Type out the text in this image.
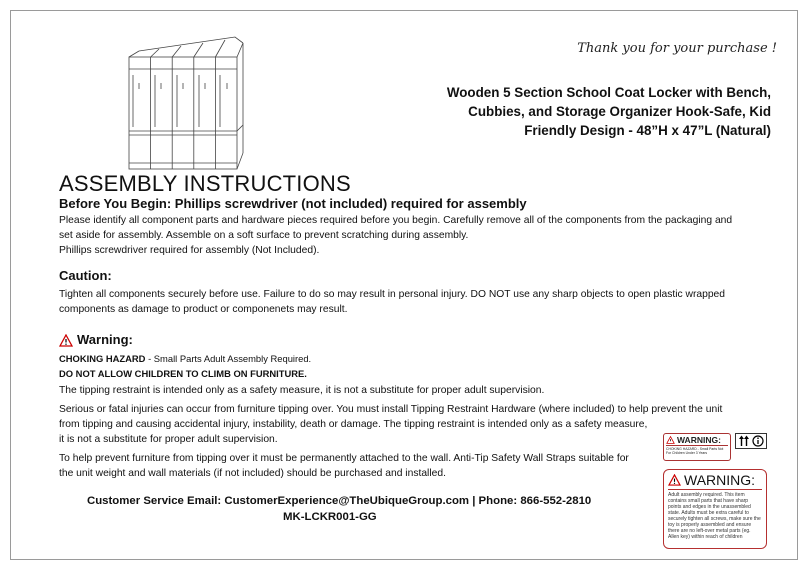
Thank you for your purchase !
Wooden 5 Section School Coat Locker with Bench, Cubbies, and Storage Organizer Hook-Safe, Kid Friendly Design - 48”H x 47”L (Natural)
ASSEMBLY INSTRUCTIONS
Before You Begin: Phillips screwdriver (not included) required for assembly
Please identify all component parts and hardware pieces required before you begin. Carefully remove all of the components from the packaging and
set aside for assembly. Assemble on a soft surface to prevent scratching during assembly.
Phillips screwdriver required for assembly (Not Included).
Caution:
Tighten all components securely before use. Failure to do so may result in personal injury. DO NOT use any sharp objects to open plastic wrapped
components as damage to product or componenets may result.
Warning:
CHOKING HAZARD - Small Parts Adult Assembly Required.
DO NOT ALLOW CHILDREN TO CLIMB ON FURNITURE.
The tipping restraint is intended only as a safety measure, it is not a substitute for proper adult supervision.
Serious or fatal injuries can occur from furniture tipping over. You must install Tipping Restraint Hardware (where included) to help prevent the unit
from tipping and causing accidental injury, instability, death or damage. The tipping restraint is intended only as a safety measure,
it is not a substitute for proper adult supervision.
To help prevent furniture from tipping over it must be permanently attached to the wall. Anti-Tip Safety Wall Straps suitable for
the unit weight and wall materials (if not included) should be purchased and installed.
Customer Service Email: CustomerExperience@TheUbiqueGroup.com | Phone: 866-552-2810
MK-LCKR001-GG
WARNING:
CHOKING HAZARD - Small Parts Not For Children Under 3 Years
WARNING:
Adult assembly required. This item contains small parts that have sharp points and edges in the unassembled state. Adults must be extra careful to securely tighten all screws, make sure the toy is properly assembled and ensure there are no left-over metal parts (eg. Allen key) within reach of children
